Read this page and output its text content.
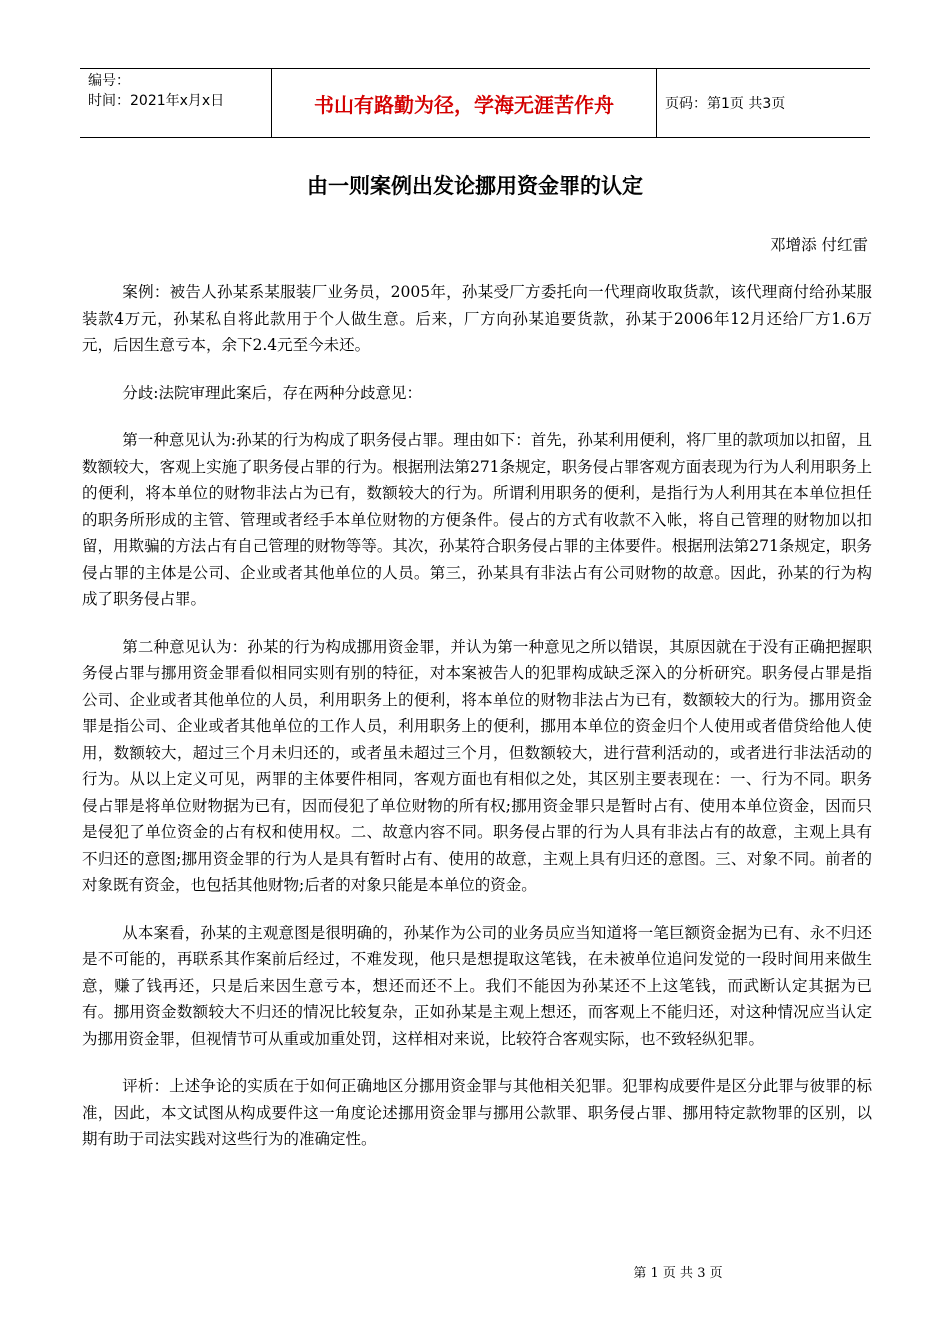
编号：
时间：2021年x月x日	书山有路勤为径，学海无涯苦作舟	页码：第1页 共3页
由一则案例出发论挪用资金罪的认定
邓增添 付红雷

案例：被告人孙某系某服装厂业务员，2005年，孙某受厂方委托向一代理商收取货款，该代理商付给孙某服装款4万元，孙某私自将此款用于个人做生意。后来，厂方向孙某追要货款，孙某于2006年12月还给厂方1.6万元，后因生意亏本，余下2.4元至今未还。

分歧:法院审理此案后，存在两种分歧意见：

第一种意见认为:孙某的行为构成了职务侵占罪。理由如下：首先，孙某利用便利，将厂里的款项加以扣留，且数额较大，客观上实施了职务侵占罪的行为。根据刑法第271条规定，职务侵占罪客观方面表现为行为人利用职务上的便利，将本单位的财物非法占为已有，数额较大的行为。所谓利用职务的便利，是指行为人利用其在本单位担任的职务所形成的主管、管理或者经手本单位财物的方便条件。侵占的方式有收款不入帐，将自己管理的财物加以扣留，用欺骗的方法占有自己管理的财物等等。其次，孙某符合职务侵占罪的主体要件。根据刑法第271条规定，职务侵占罪的主体是公司、企业或者其他单位的人员。第三，孙某具有非法占有公司财物的故意。因此，孙某的行为构成了职务侵占罪。

第二种意见认为：孙某的行为构成挪用资金罪，并认为第一种意见之所以错误，其原因就在于没有正确把握职务侵占罪与挪用资金罪看似相同实则有别的特征，对本案被告人的犯罪构成缺乏深入的分析研究。职务侵占罪是指公司、企业或者其他单位的人员，利用职务上的便利，将本单位的财物非法占为已有，数额较大的行为。挪用资金罪是指公司、企业或者其他单位的工作人员，利用职务上的便利，挪用本单位的资金归个人使用或者借贷给他人使用，数额较大，超过三个月未归还的，或者虽未超过三个月，但数额较大，进行营利活动的，或者进行非法活动的行为。从以上定义可见，两罪的主体要件相同，客观方面也有相似之处，其区别主要表现在：一、行为不同。职务侵占罪是将单位财物据为已有，因而侵犯了单位财物的所有权;挪用资金罪只是暂时占有、使用本单位资金，因而只是侵犯了单位资金的占有权和使用权。二、故意内容不同。职务侵占罪的行为人具有非法占有的故意，主观上具有不归还的意图;挪用资金罪的行为人是具有暂时占有、使用的故意，主观上具有归还的意图。三、对象不同。前者的对象既有资金，也包括其他财物;后者的对象只能是本单位的资金。

从本案看，孙某的主观意图是很明确的，孙某作为公司的业务员应当知道将一笔巨额资金据为已有、永不归还是不可能的，再联系其作案前后经过，不难发现，他只是想提取这笔钱，在未被单位追问发觉的一段时间用来做生意，赚了钱再还，只是后来因生意亏本，想还而还不上。我们不能因为孙某还不上这笔钱，而武断认定其据为已有。挪用资金数额较大不归还的情况比较复杂，正如孙某是主观上想还，而客观上不能归还，对这种情况应当认定为挪用资金罪，但视情节可从重或加重处罚，这样相对来说，比较符合客观实际，也不致轻纵犯罪。

评析：上述争论的实质在于如何正确地区分挪用资金罪与其他相关犯罪。犯罪构成要件是区分此罪与彼罪的标准，因此，本文试图从构成要件这一角度论述挪用资金罪与挪用公款罪、职务侵占罪、挪用特定款物罪的区别，以期有助于司法实践对这些行为的准确定性。

第 1 页 共 3 页
